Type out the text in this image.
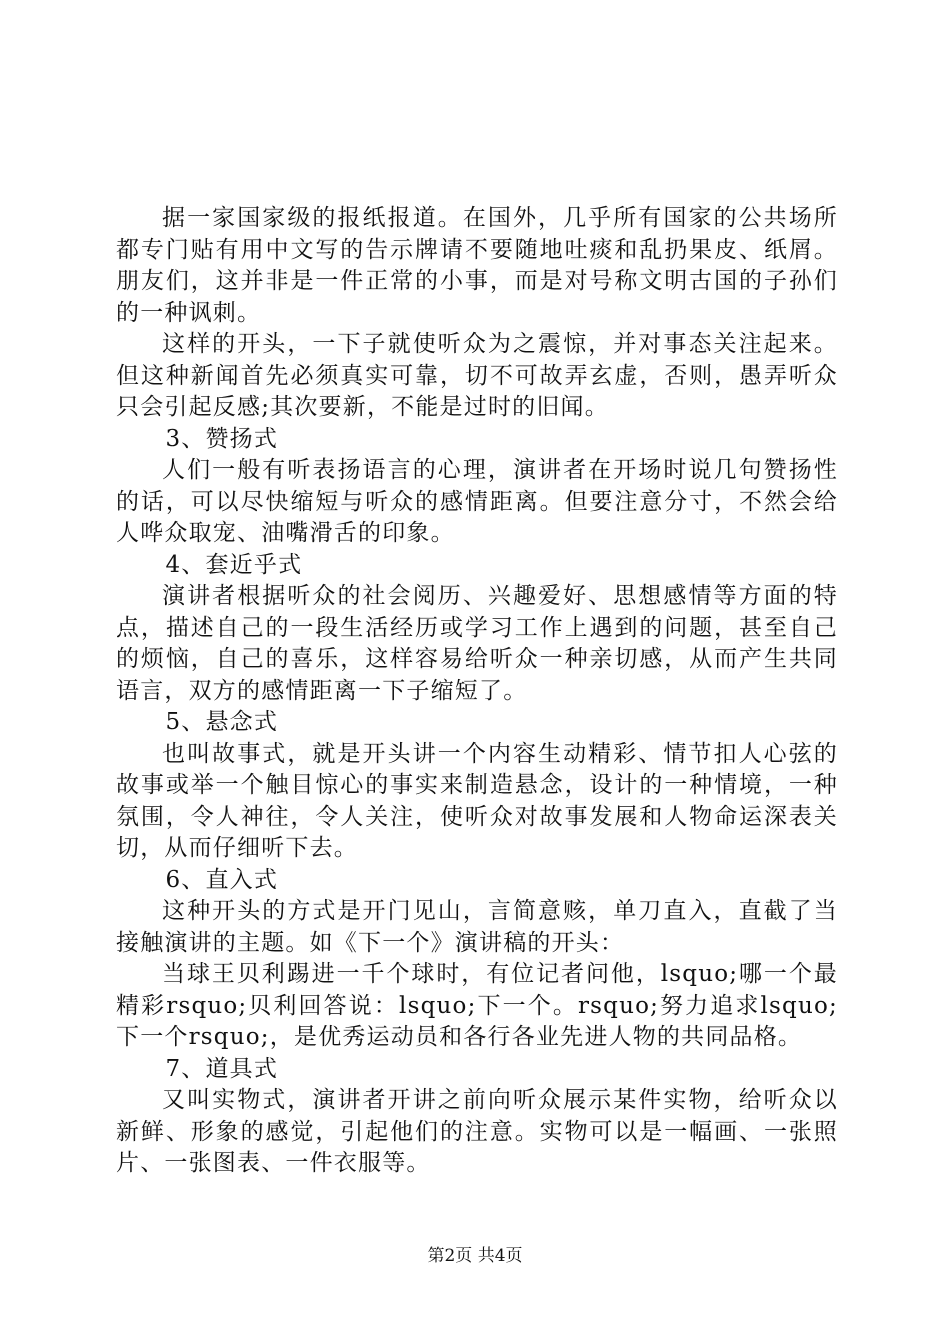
据一家国家级的报纸报道。在国外，几乎所有国家的公共场所都专门贴有用中文写的告示牌请不要随地吐痰和乱扔果皮、纸屑。朋友们，这并非是一件正常的小事，而是对号称文明古国的子孙们的一种讽刺。

这样的开头，一下子就使听众为之震惊，并对事态关注起来。但这种新闻首先必须真实可靠，切不可故弄玄虚，否则，愚弄听众只会引起反感;其次要新，不能是过时的旧闻。

3、赞扬式

人们一般有听表扬语言的心理，演讲者在开场时说几句赞扬性的话，可以尽快缩短与听众的感情距离。但要注意分寸，不然会给人哗众取宠、油嘴滑舌的印象。

4、套近乎式

演讲者根据听众的社会阅历、兴趣爱好、思想感情等方面的特点，描述自己的一段生活经历或学习工作上遇到的问题，甚至自己的烦恼，自己的喜乐，这样容易给听众一种亲切感，从而产生共同语言，双方的感情距离一下子缩短了。

5、悬念式

也叫故事式，就是开头讲一个内容生动精彩、情节扣人心弦的故事或举一个触目惊心的事实来制造悬念，设计的一种情境，一种氛围，令人神往，令人关注，使听众对故事发展和人物命运深表关切，从而仔细听下去。

6、直入式

这种开头的方式是开门见山，言简意赅，单刀直入，直截了当接触演讲的主题。如《下一个》演讲稿的开头：

当球王贝利踢进一千个球时，有位记者问他，lsquo;哪一个最精彩rsquo;贝利回答说：lsquo;下一个。rsquo;努力追求lsquo;下一个rsquo;，是优秀运动员和各行各业先进人物的共同品格。

7、道具式

又叫实物式，演讲者开讲之前向听众展示某件实物，给听众以新鲜、形象的感觉，引起他们的注意。实物可以是一幅画、一张照片、一张图表、一件衣服等。

第2页 共4页
